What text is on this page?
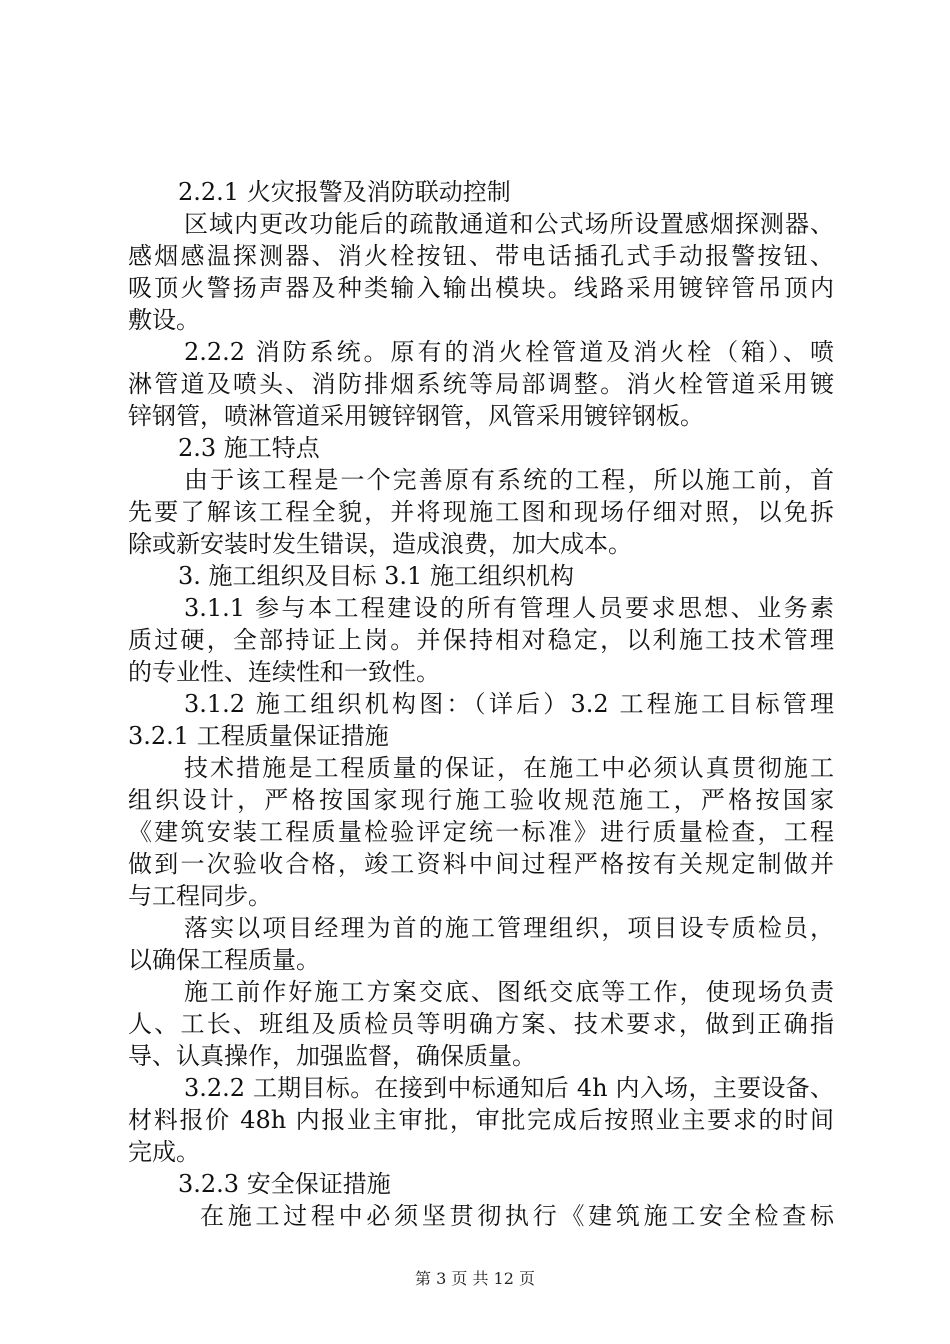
2.2.1 火灾报警及消防联动控制
区域内更改功能后的疏散通道和公式场所设置感烟探测器、
感烟感温探测器、消火栓按钮、带电话插孔式手动报警按钮、
吸顶火警扬声器及种类输入输出模块。线路采用镀锌管吊顶内
敷设。
2.2.2 消防系统。原有的消火栓管道及消火栓（箱）、喷
淋管道及喷头、消防排烟系统等局部调整。消火栓管道采用镀
锌钢管，喷淋管道采用镀锌钢管，风管采用镀锌钢板。
2.3 施工特点
由于该工程是一个完善原有系统的工程，所以施工前，首
先要了解该工程全貌，并将现施工图和现场仔细对照，以免拆
除或新安装时发生错误，造成浪费，加大成本。
3. 施工组织及目标 3.1 施工组织机构
3.1.1 参与本工程建设的所有管理人员要求思想、业务素
质过硬，全部持证上岗。并保持相对稳定，以利施工技术管理
的专业性、连续性和一致性。
3.1.2 施工组织机构图：（详后）3.2 工程施工目标管理
3.2.1 工程质量保证措施
技术措施是工程质量的保证，在施工中必须认真贯彻施工
组织设计，严格按国家现行施工验收规范施工，严格按国家
《建筑安装工程质量检验评定统一标准》进行质量检查，工程
做到一次验收合格，竣工资料中间过程严格按有关规定制做并
与工程同步。
落实以项目经理为首的施工管理组织，项目设专质检员，
以确保工程质量。
施工前作好施工方案交底、图纸交底等工作，使现场负责
人、工长、班组及质检员等明确方案、技术要求，做到正确指
导、认真操作，加强监督，确保质量。
3.2.2 工期目标。在接到中标通知后 4h 内入场，主要设备、
材料报价 48h 内报业主审批，审批完成后按照业主要求的时间
完成。
3.2.3 安全保证措施
在施工过程中必须坚贯彻执行《建筑施工安全检查标
第 3 页 共 12 页
